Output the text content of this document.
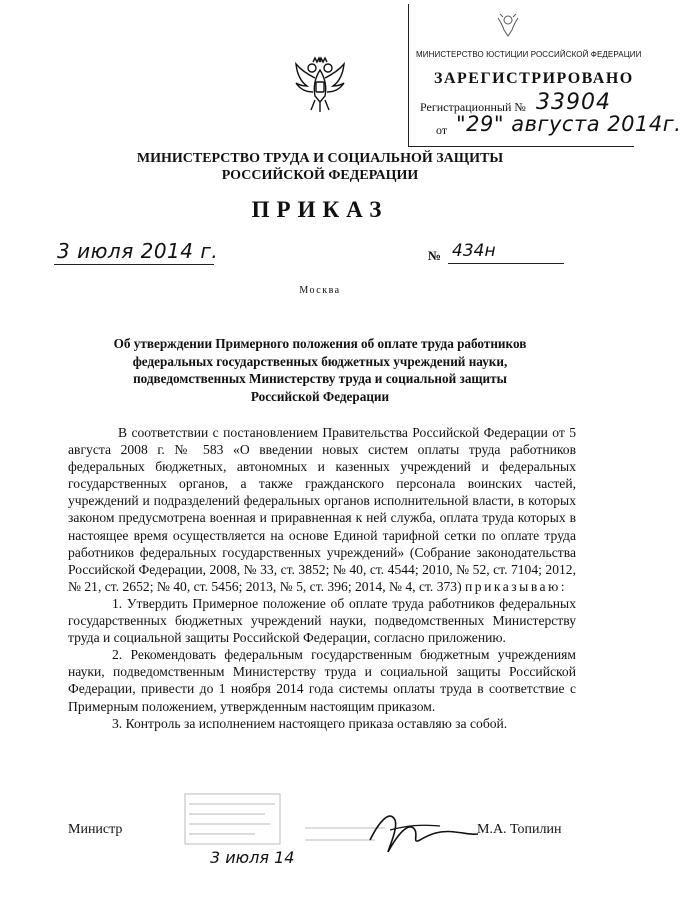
МИНИСТЕРСТВО ЮСТИЦИИ РОССИЙСКОЙ ФЕДЕРАЦИИ
ЗАРЕГИСТРИРОВАНО
Регистрационный № 33904
от "29" августа 2014г.
МИНИСТЕРСТВО ТРУДА И СОЦИАЛЬНОЙ ЗАЩИТЫ
РОССИЙСКОЙ ФЕДЕРАЦИИ
ПРИКАЗ
3 июля 2014 г.	№ 434н
Москва
Об утверждении Примерного положения об оплате труда работников федеральных государственных бюджетных учреждений науки, подведомственных Министерству труда и социальной защиты Российской Федерации

В соответствии с постановлением Правительства Российской Федерации от 5 августа 2008 г. № 583 «О введении новых систем оплаты труда работников федеральных бюджетных, автономных и казенных учреждений и федеральных государственных органов, а также гражданского персонала воинских частей, учреждений и подразделений федеральных органов исполнительной власти, в которых законом предусмотрена военная и приравненная к ней служба, оплата труда которых в настоящее время осуществляется на основе Единой тарифной сетки по оплате труда работников федеральных государственных учреждений» (Собрание законодательства Российской Федерации, 2008, № 33, ст. 3852; № 40, ст. 4544; 2010, № 52, ст. 7104; 2012, № 21, ст. 2652; № 40, ст. 5456; 2013, № 5, ст. 396; 2014, № 4, ст. 373) приказываю:

1. Утвердить Примерное положение об оплате труда работников федеральных государственных бюджетных учреждений науки, подведомственных Министерству труда и социальной защиты Российской Федерации, согласно приложению.

2. Рекомендовать федеральным государственным бюджетным учреждениям науки, подведомственным Министерству труда и социальной защиты Российской Федерации, привести до 1 ноября 2014 года системы оплаты труда в соответствие с Примерным положением, утвержденным настоящим приказом.

3. Контроль за исполнением настоящего приказа оставляю за собой.

Министр
3 июля 14
М.А. Топилин
